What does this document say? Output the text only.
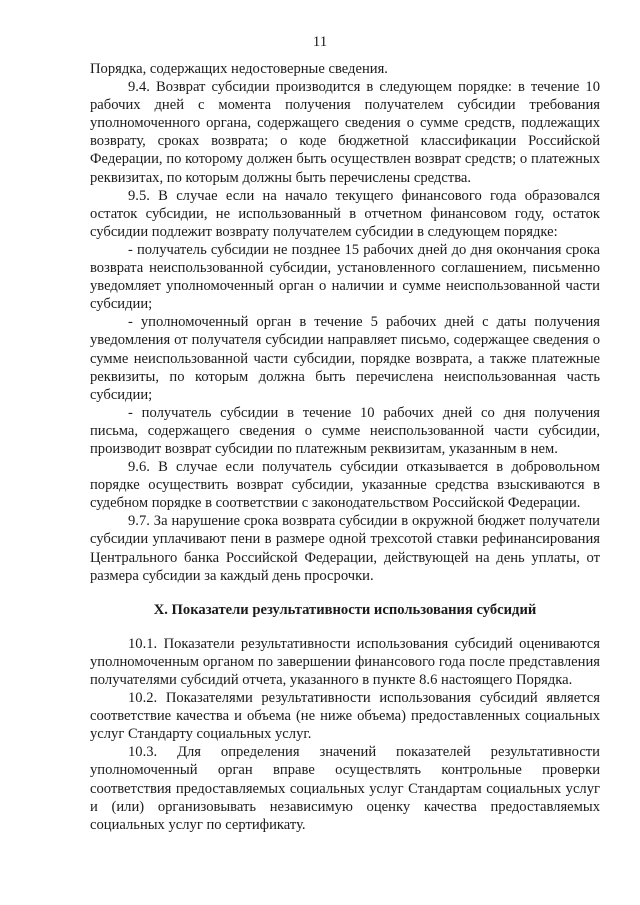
11

Порядка, содержащих недостоверные сведения.

9.4. Возврат субсидии производится в следующем порядке: в течение 10 рабочих дней с момента получения получателем субсидии требования уполномоченного органа, содержащего сведения о сумме средств, подлежащих возврату, сроках возврата; о коде бюджетной классификации Российской Федерации, по которому должен быть осуществлен возврат средств; о платежных реквизитах, по которым должны быть перечислены средства.

9.5. В случае если на начало текущего финансового года образовался остаток субсидии, не использованный в отчетном финансовом году, остаток субсидии подлежит возврату получателем субсидии в следующем порядке:

- получатель субсидии не позднее 15 рабочих дней до дня окончания срока возврата неиспользованной субсидии, установленного соглашением, письменно уведомляет уполномоченный орган о наличии и сумме неиспользованной части субсидии;

- уполномоченный орган в течение 5 рабочих дней с даты получения уведомления от получателя субсидии направляет письмо, содержащее сведения о сумме неиспользованной части субсидии, порядке возврата, а также платежные реквизиты, по которым должна быть перечислена неиспользованная часть субсидии;

- получатель субсидии в течение 10 рабочих дней со дня получения письма, содержащего сведения о сумме неиспользованной части субсидии, производит возврат субсидии по платежным реквизитам, указанным в нем.

9.6. В случае если получатель субсидии отказывается в добровольном порядке осуществить возврат субсидии, указанные средства взыскиваются в судебном порядке в соответствии с законодательством Российской Федерации.

9.7. За нарушение срока возврата субсидии в окружной бюджет получатели субсидии уплачивают пени в размере одной трехсотой ставки рефинансирования Центрального банка Российской Федерации, действующей на день уплаты, от размера субсидии за каждый день просрочки.

X. Показатели результативности использования субсидий

10.1. Показатели результативности использования субсидий оцениваются уполномоченным органом по завершении финансового года после представления получателями субсидий отчета, указанного в пункте 8.6 настоящего Порядка.

10.2. Показателями результативности использования субсидий является соответствие качества и объема (не ниже объема) предоставленных социальных услуг Стандарту социальных услуг.

10.3. Для определения значений показателей результативности уполномоченный орган вправе осуществлять контрольные проверки соответствия предоставляемых социальных услуг Стандартам социальных услуг и (или) организовывать независимую оценку качества предоставляемых социальных услуг по сертификату.
